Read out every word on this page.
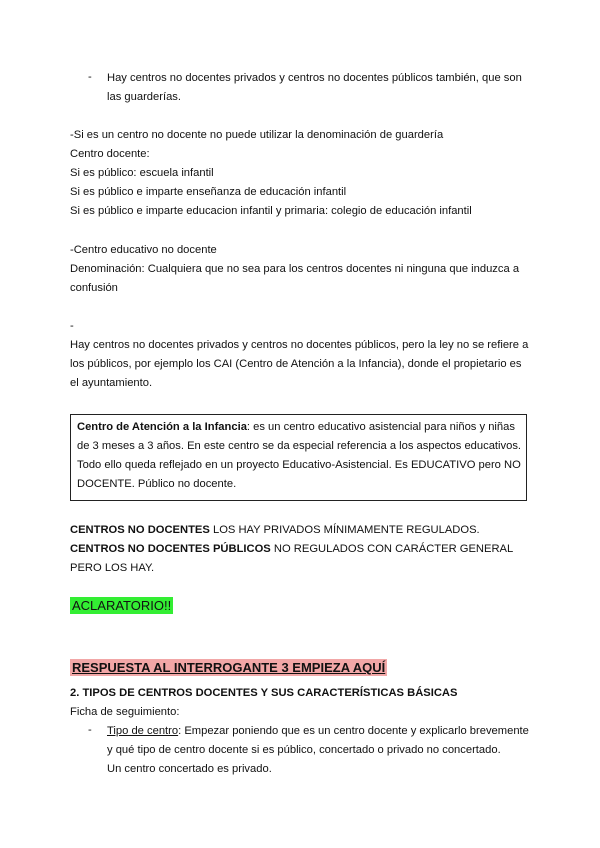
- Hay centros no docentes privados y centros no docentes públicos también, que son
las guarderías.
-Si es un centro no docente no puede utilizar la denominación de guardería
Centro docente:
Si es público: escuela infantil
Si es público e imparte enseñanza de educación infantil
Si es público e imparte educacion infantil y primaria: colegio de educación infantil
-Centro educativo no docente
Denominación: Cualquiera que no sea para los centros docentes ni ninguna que induzca a
confusión
-
Hay centros no docentes privados y centros no docentes públicos, pero la ley no se refiere a
los públicos, por ejemplo los CAI (Centro de Atención a la Infancia), donde el propietario es
el ayuntamiento.
Centro de Atención a la Infancia: es un centro educativo asistencial para niños y niñas
de 3 meses a 3 años. En este centro se da especial referencia a los aspectos educativos.
Todo ello queda reflejado en un proyecto Educativo-Asistencial. Es EDUCATIVO pero NO
DOCENTE. Público no docente.
CENTROS NO DOCENTES LOS HAY PRIVADOS MÍNIMAMENTE REGULADOS.
CENTROS NO DOCENTES PÚBLICOS NO REGULADOS CON CARÁCTER GENERAL
PERO LOS HAY.
ACLARATORIO!!
RESPUESTA AL INTERROGANTE 3 EMPIEZA AQUÍ
2. TIPOS DE CENTROS DOCENTES Y SUS CARACTERÍSTICAS BÁSICAS
Ficha de seguimiento:
- Tipo de centro: Empezar poniendo que es un centro docente y explicarlo brevemente
y qué tipo de centro docente si es público, concertado o privado no concertado.
Un centro concertado es privado.
